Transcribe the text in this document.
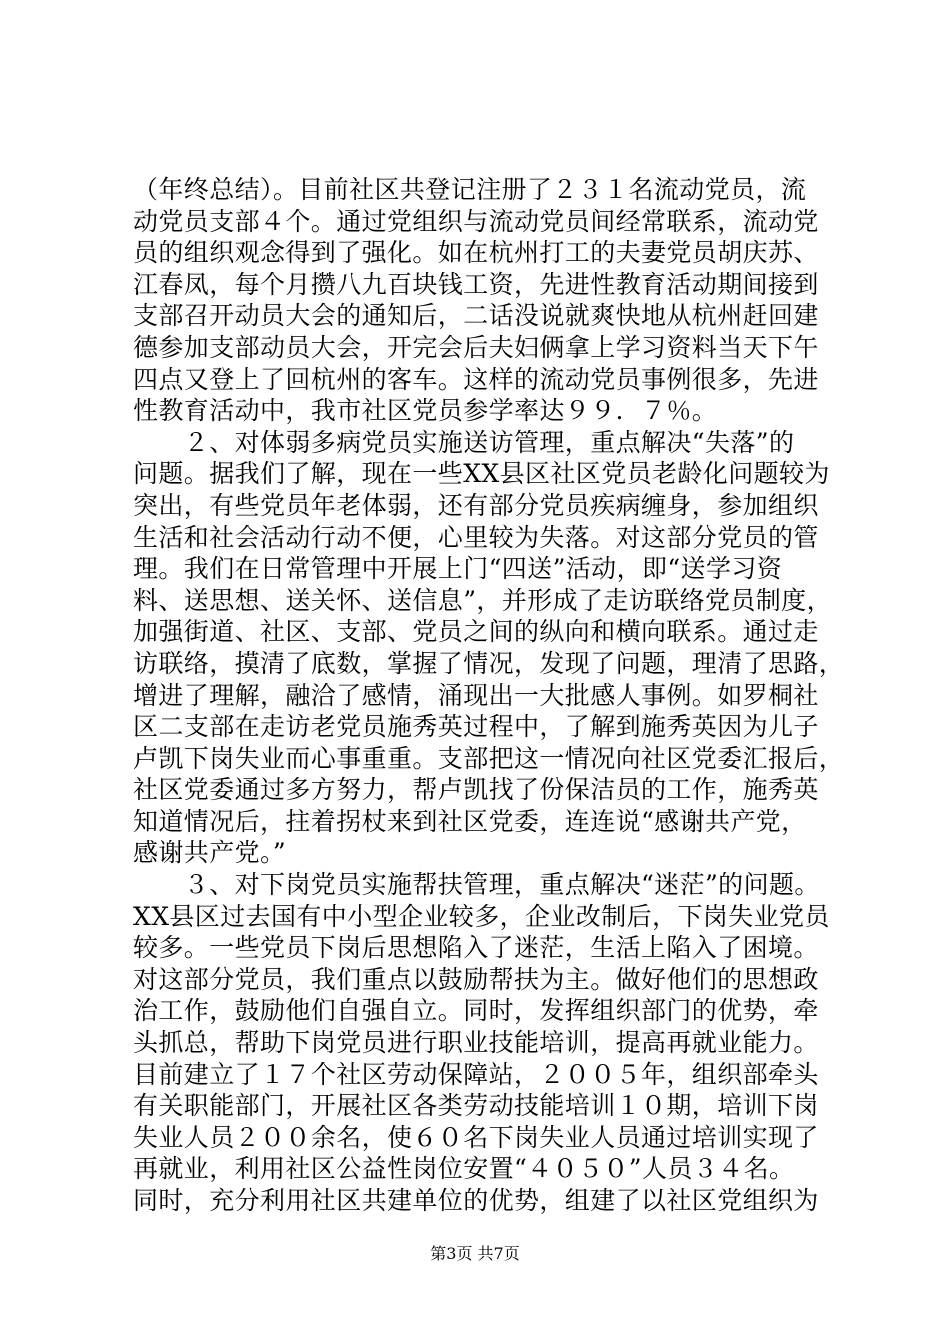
（年终总结）。目前社区共登记注册了２３１名流动党员，流
动党员支部４个。通过党组织与流动党员间经常联系，流动党
员的组织观念得到了强化。如在杭州打工的夫妻党员胡庆苏、
江春凤，每个月攒八九百块钱工资，先进性教育活动期间接到
支部召开动员大会的通知后，二话没说就爽快地从杭州赶回建
德参加支部动员大会，开完会后夫妇俩拿上学习资料当天下午
四点又登上了回杭州的客车。这样的流动党员事例很多，先进
性教育活动中，我市社区党员参学率达９９．７％。
　　２、对体弱多病党员实施送访管理，重点解决“失落”的
问题。据我们了解，现在一些XX县区社区党员老龄化问题较为
突出，有些党员年老体弱，还有部分党员疾病缠身，参加组织
生活和社会活动行动不便，心里较为失落。对这部分党员的管
理。我们在日常管理中开展上门“四送”活动，即“送学习资
料、送思想、送关怀、送信息”，并形成了走访联络党员制度，
加强街道、社区、支部、党员之间的纵向和横向联系。通过走
访联络，摸清了底数，掌握了情况，发现了问题，理清了思路，
增进了理解，融洽了感情，涌现出一大批感人事例。如罗桐社
区二支部在走访老党员施秀英过程中，了解到施秀英因为儿子
卢凯下岗失业而心事重重。支部把这一情况向社区党委汇报后，
社区党委通过多方努力，帮卢凯找了份保洁员的工作，施秀英
知道情况后，拄着拐杖来到社区党委，连连说“感谢共产党，
感谢共产党。”
　　３、对下岗党员实施帮扶管理，重点解决“迷茫”的问题。
XX县区过去国有中小型企业较多，企业改制后，下岗失业党员
较多。一些党员下岗后思想陷入了迷茫，生活上陷入了困境。
对这部分党员，我们重点以鼓励帮扶为主。做好他们的思想政
治工作，鼓励他们自强自立。同时，发挥组织部门的优势，牵
头抓总，帮助下岗党员进行职业技能培训，提高再就业能力。
目前建立了１７个社区劳动保障站，２００５年，组织部牵头
有关职能部门，开展社区各类劳动技能培训１０期，培训下岗
失业人员２００余名，使６０名下岗失业人员通过培训实现了
再就业，利用社区公益性岗位安置“４０５０”人员３４名。
同时，充分利用社区共建单位的优势，组建了以社区党组织为
第3页 共7页
